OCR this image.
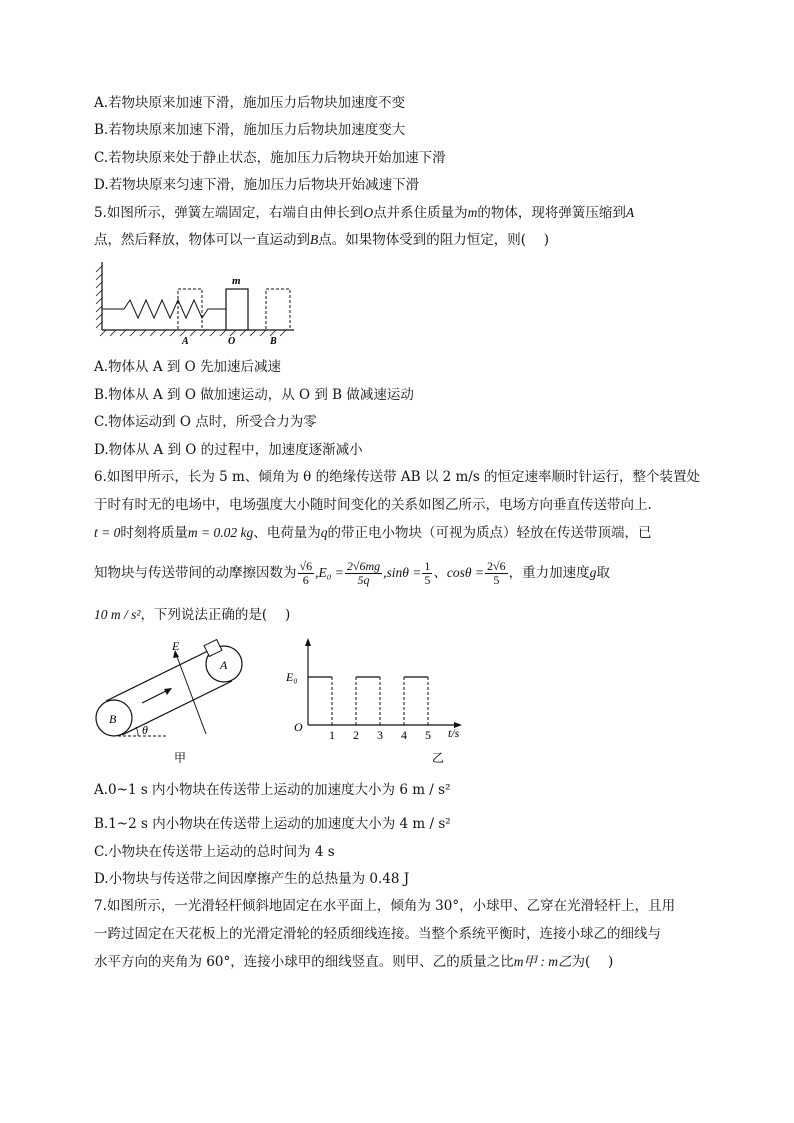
A.若物块原来加速下滑，施加压力后物块加速度不变
B.若物块原来加速下滑，施加压力后物块加速度变大
C.若物块原来处于静止状态，施加压力后物块开始加速下滑
D.若物块原来匀速下滑，施加压力后物块开始减速下滑
5.如图所示，弹簧左端固定，右端自由伸长到O点并系住质量为m的物体，现将弹簧压缩到A
点，然后释放，物体可以一直运动到B点。如果物体受到的阻力恒定，则(　 )
m
A	O	B
A.物体从 A 到 O 先加速后减速
B.物体从 A 到 O 做加速运动，从 O 到 B 做减速运动
C.物体运动到 O 点时，所受合力为零
D.物体从 A 到 O 的过程中，加速度逐渐减小
6.如图甲所示，长为 5 m、倾角为 θ 的绝缘传送带 AB 以 2 m/s 的恒定速率顺时针运行，整个装置处
于时有时无的电场中，电场强度大小随时间变化的关系如图乙所示，电场方向垂直传送带向上.
t = 0时刻将质量m = 0.02 kg、电荷量为q的带正电小物块（可视为质点）轻放在传送带顶端，已
知物块与传送带间的动摩擦因数为 $\frac{√6}{6} ,E_0 = \frac{2√6mg}{5q} ,\sin\theta = \frac{1}{5}$ 、$\cos\theta = \frac{2√6}{5}$ ，重力加速度g取
10 m / s²，下列说法正确的是(　 )
E
A
B
θ
甲
E₀
O	t/s
1 2 3 4 5
乙
A.0~1 s 内小物块在传送带上运动的加速度大小为 6 m / s²
B.1~2 s 内小物块在传送带上运动的加速度大小为 4 m / s²
C.小物块在传送带上运动的总时间为 4 s
D.小物块与传送带之间因摩擦产生的总热量为 0.48 J
7.如图所示，一光滑轻杆倾斜地固定在水平面上，倾角为 30°，小球甲、乙穿在光滑轻杆上，且用
一跨过固定在天花板上的光滑定滑轮的轻质细线连接。当整个系统平衡时，连接小球乙的细线与
水平方向的夹角为 60°，连接小球甲的细线竖直。则甲、乙的质量之比m甲 : m乙为(　 )
